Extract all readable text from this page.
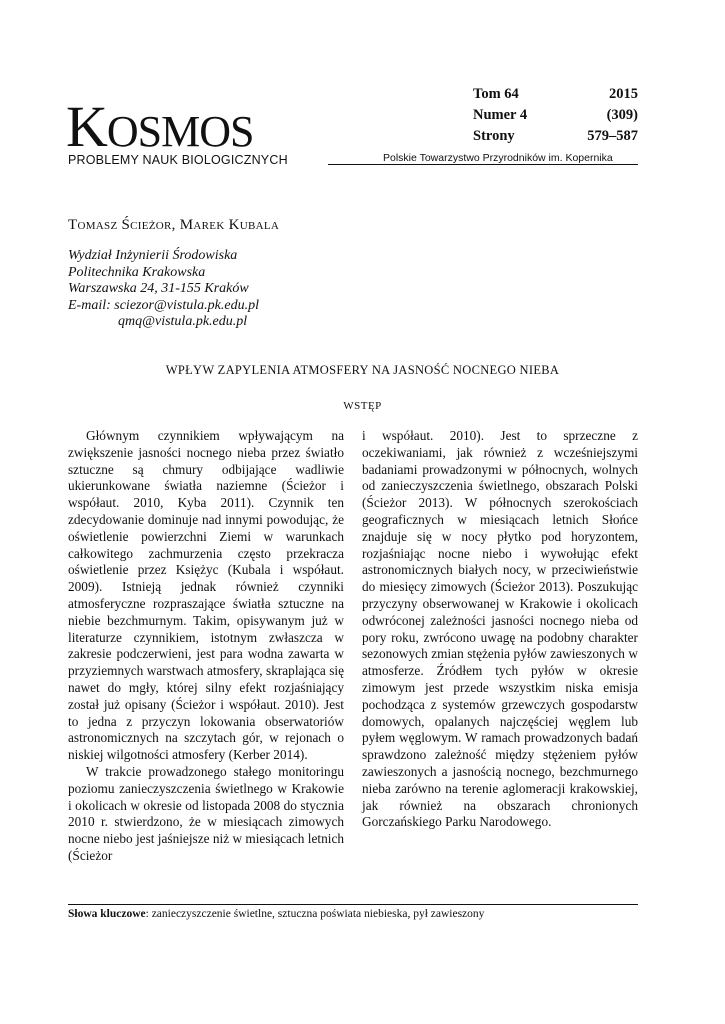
KOSMOS
PROBLEMY NAUK BIOLOGICZNYCH
Tom 64	2015
Numer 4	(309)
Strony	579–587
Polskie Towarzystwo Przyrodników im. Kopernika
Tomasz Ścieżor, Marek Kubala
Wydział Inżynierii Środowiska
Politechnika Krakowska
Warszawska 24, 31-155 Kraków
E-mail: sciezor@vistula.pk.edu.pl
qmq@vistula.pk.edu.pl
WPŁYW ZAPYLENIA ATMOSFERY NA JASNOŚĆ NOCNEGO NIEBA
WSTĘP

Głównym czynnikiem wpływającym na zwiększenie jasności nocnego nieba przez światło sztuczne są chmury odbijające wadliwie ukierunkowane światła naziemne (Ścieżor i współaut. 2010, Kyba 2011). Czynnik ten zdecydowanie dominuje nad innymi powodując, że oświetlenie powierzchni Ziemi w warunkach całkowitego zachmurzenia często przekracza oświetlenie przez Księżyc (Kubala i współaut. 2009). Istnieją jednak również czynniki atmosferyczne rozpraszające światła sztuczne na niebie bezchmurnym. Takim, opisywanym już w literaturze czynnikiem, istotnym zwłaszcza w zakresie podczerwieni, jest para wodna zawarta w przyziemnych warstwach atmosfery, skraplająca się nawet do mgły, której silny efekt rozjaśniający został już opisany (Ścieżor i współaut. 2010). Jest to jedna z przyczyn lokowania obserwatoriów astronomicznych na szczytach gór, w rejonach o niskiej wilgotności atmosfery (Kerber 2014).

W trakcie prowadzonego stałego monitoringu poziomu zanieczyszczenia świetlnego w Krakowie i okolicach w okresie od listopada 2008 do stycznia 2010 r. stwierdzono, że w miesiącach zimowych nocne niebo jest jaśniejsze niż w miesiącach letnich (Ścieżor

i współaut. 2010). Jest to sprzeczne z oczekiwaniami, jak również z wcześniejszymi badaniami prowadzonymi w północnych, wolnych od zanieczyszczenia świetlnego, obszarach Polski (Ścieżor 2013). W północnych szerokościach geograficznych w miesiącach letnich Słońce znajduje się w nocy płytko pod horyzontem, rozjaśniając nocne niebo i wywołując efekt astronomicznych białych nocy, w przeciwieństwie do miesięcy zimowych (Ścieżor 2013). Poszukując przyczyny obserwowanej w Krakowie i okolicach odwróconej zależności jasności nocnego nieba od pory roku, zwrócono uwagę na podobny charakter sezonowych zmian stężenia pyłów zawieszonych w atmosferze. Źródłem tych pyłów w okresie zimowym jest przede wszystkim niska emisja pochodząca z systemów grzewczych gospodarstw domowych, opalanych najczęściej węglem lub pyłem węglowym. W ramach prowadzonych badań sprawdzono zależność między stężeniem pyłów zawieszonych a jasnością nocnego, bezchmurnego nieba zarówno na terenie aglomeracji krakowskiej, jak również na obszarach chronionych Gorczańskiego Parku Narodowego.

Słowa kluczowe: zanieczyszczenie świetlne, sztuczna poświata niebieska, pył zawieszony
